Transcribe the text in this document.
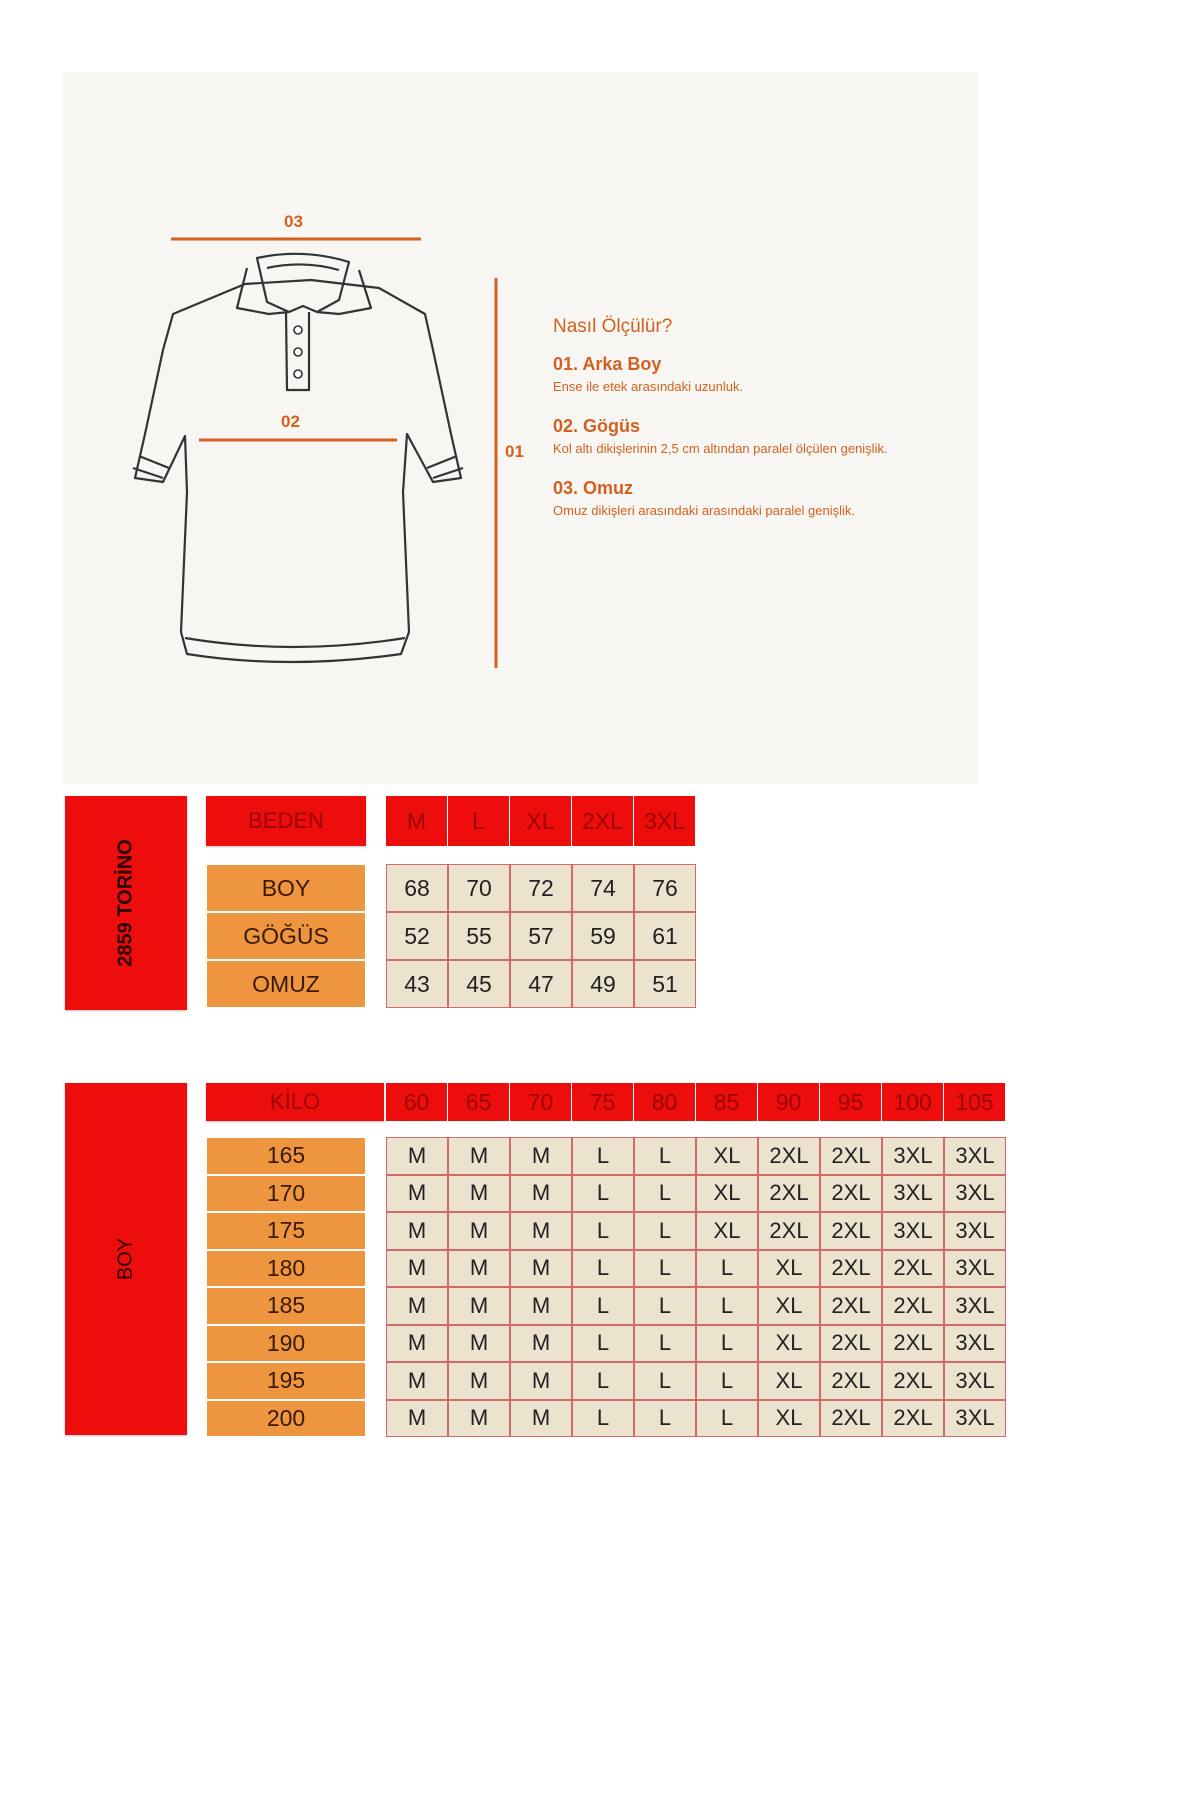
03
02
01
Nasıl Ölçülür?
01. Arka Boy
Ense ile etek arasındaki uzunluk.
02. Gögüs
Kol altı dikişlerinin 2,5 cm altından paralel ölçülen genişlik.
03. Omuz
Omuz dikişleri arasındaki arasındaki paralel genişlik.
2859 TORİNO
BEDEN	M	L	XL	2XL 3XL
BOY	68	70	72	74	76
GÖĞÜS	52	55	57	59	61
OMUZ	43	45	47	49	51
BOY
KİLO	60	65	70	75	80	85	90	95	100	105
165	M	M	M	L	L	XL	2XL	2XL	3XL	3XL
170	M	M	M	L	L	XL	2XL	2XL	3XL	3XL
175	M	M	M	L	L	XL	2XL	2XL	3XL	3XL
180	M	M	M	L	L	L	XL	2XL	2XL	3XL
185	M	M	M	L	L	L	XL	2XL	2XL	3XL
190	M	M	M	L	L	L	XL	2XL	2XL	3XL
195	M	M	M	L	L	L	XL	2XL	2XL	3XL
200	M	M	M	L	L	L	XL	2XL	2XL	3XL
